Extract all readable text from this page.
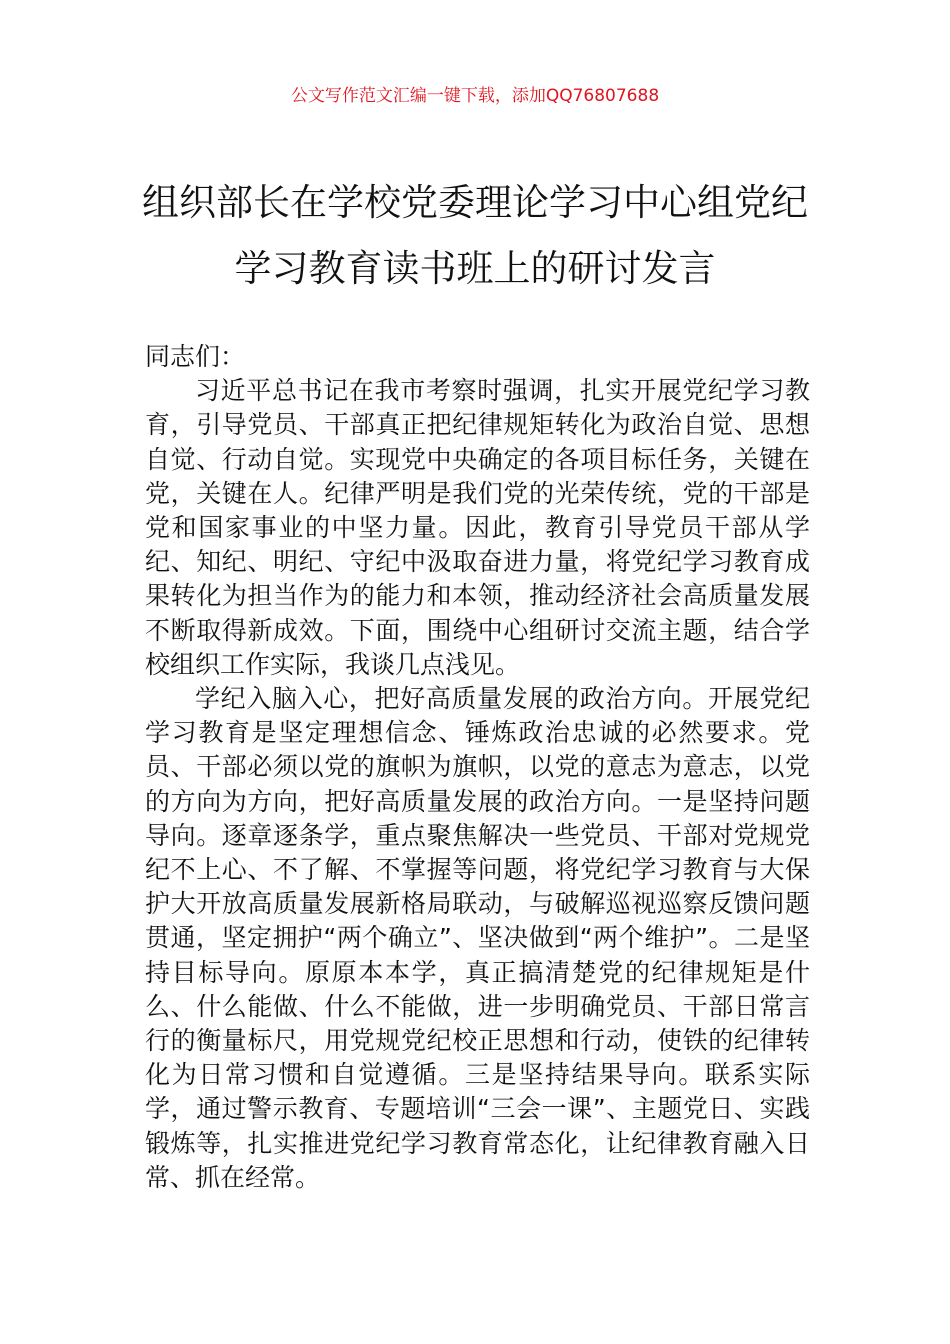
公文写作范文汇编一键下载，添加QQ76807688
组织部长在学校党委理论学习中心组党纪
学习教育读书班上的研讨发言

同志们：

习近平总书记在我市考察时强调，扎实开展党纪学习教育，引导党员、干部真正把纪律规矩转化为政治自觉、思想自觉、行动自觉。实现党中央确定的各项目标任务，关键在党，关键在人。纪律严明是我们党的光荣传统，党的干部是党和国家事业的中坚力量。因此，教育引导党员干部从学纪、知纪、明纪、守纪中汲取奋进力量，将党纪学习教育成果转化为担当作为的能力和本领，推动经济社会高质量发展不断取得新成效。下面，围绕中心组研讨交流主题，结合学校组织工作实际，我谈几点浅见。

学纪入脑入心，把好高质量发展的政治方向。开展党纪学习教育是坚定理想信念、锤炼政治忠诚的必然要求。党员、干部必须以党的旗帜为旗帜，以党的意志为意志，以党的方向为方向，把好高质量发展的政治方向。一是坚持问题导向。逐章逐条学，重点聚焦解决一些党员、干部对党规党纪不上心、不了解、不掌握等问题，将党纪学习教育与大保护大开放高质量发展新格局联动，与破解巡视巡察反馈问题贯通，坚定拥护“两个确立”、坚决做到“两个维护”。二是坚持目标导向。原原本本学，真正搞清楚党的纪律规矩是什么、什么能做、什么不能做，进一步明确党员、干部日常言行的衡量标尺，用党规党纪校正思想和行动，使铁的纪律转化为日常习惯和自觉遵循。三是坚持结果导向。联系实际学，通过警示教育、专题培训“三会一课”、主题党日、实践锻炼等，扎实推进党纪学习教育常态化，让纪律教育融入日常、抓在经常。
